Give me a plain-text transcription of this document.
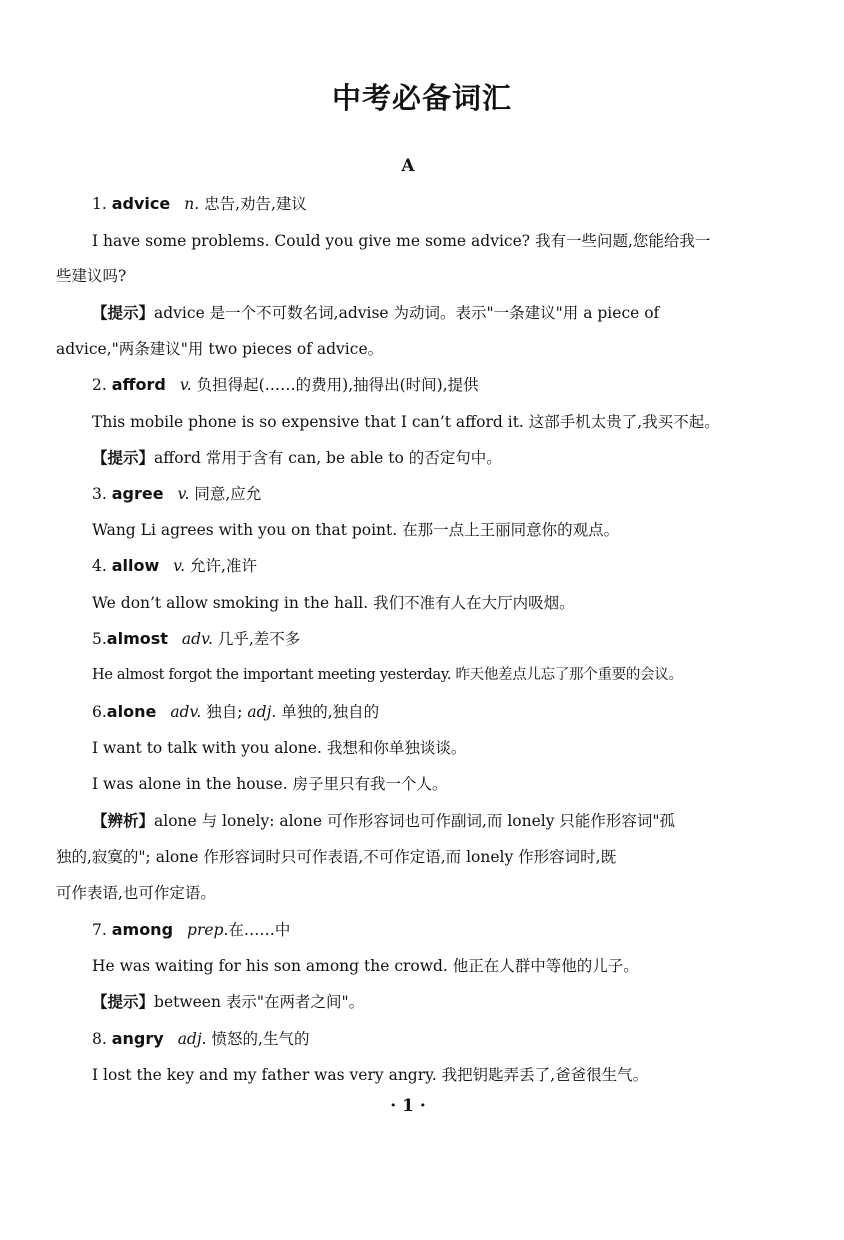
中考必备词汇
A
1. advice n. 忠告,劝告,建议
I have some problems. Could you give me some advice? 我有一些问题,您能给我一
些建议吗?
【提示】advice 是一个不可数名词,advise 为动词。表示"一条建议"用 a piece of
advice,"两条建议"用 two pieces of advice。
2. afford v. 负担得起(……的费用),抽得出(时间),提供
This mobile phone is so expensive that I can’t afford it. 这部手机太贵了,我买不起。
【提示】afford 常用于含有 can, be able to 的否定句中。
3. agree v. 同意,应允
Wang Li agrees with you on that point. 在那一点上王丽同意你的观点。
4. allow v. 允许,准许
We don’t allow smoking in the hall. 我们不准有人在大厅内吸烟。
5.almost adv. 几乎,差不多
He almost forgot the important meeting yesterday. 昨天他差点儿忘了那个重要的会议。
6.alone adv. 独自; adj. 单独的,独自的
I want to talk with you alone. 我想和你单独谈谈。
I was alone in the house. 房子里只有我一个人。
【辨析】alone 与 lonely: alone 可作形容词也可作副词,而 lonely 只能作形容词"孤
独的,寂寞的"; alone 作形容词时只可作表语,不可作定语,而 lonely 作形容词时,既
可作表语,也可作定语。
7. among prep.在……中
He was waiting for his son among the crowd. 他正在人群中等他的儿子。
【提示】between 表示"在两者之间"。
8. angry adj. 愤怒的,生气的
I lost the key and my father was very angry. 我把钥匙弄丢了,爸爸很生气。
· 1 ·
